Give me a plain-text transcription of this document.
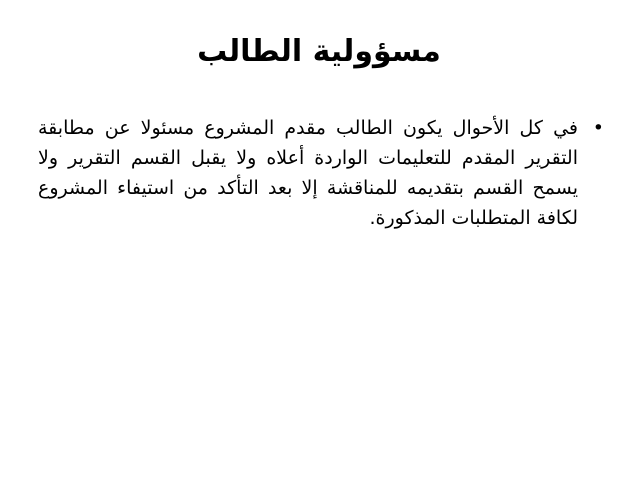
مسؤولية الطالب
•
في كل الأحوال يكون الطالب مقدم المشروع مسئولا عن مطابقة التقرير المقدم للتعليمات الواردة أعلاه ولا يقبل القسم التقرير ولا يسمح القسم بتقديمه للمناقشة إلا بعد التأكد من استيفاء المشروع لكافة المتطلبات المذكورة.
